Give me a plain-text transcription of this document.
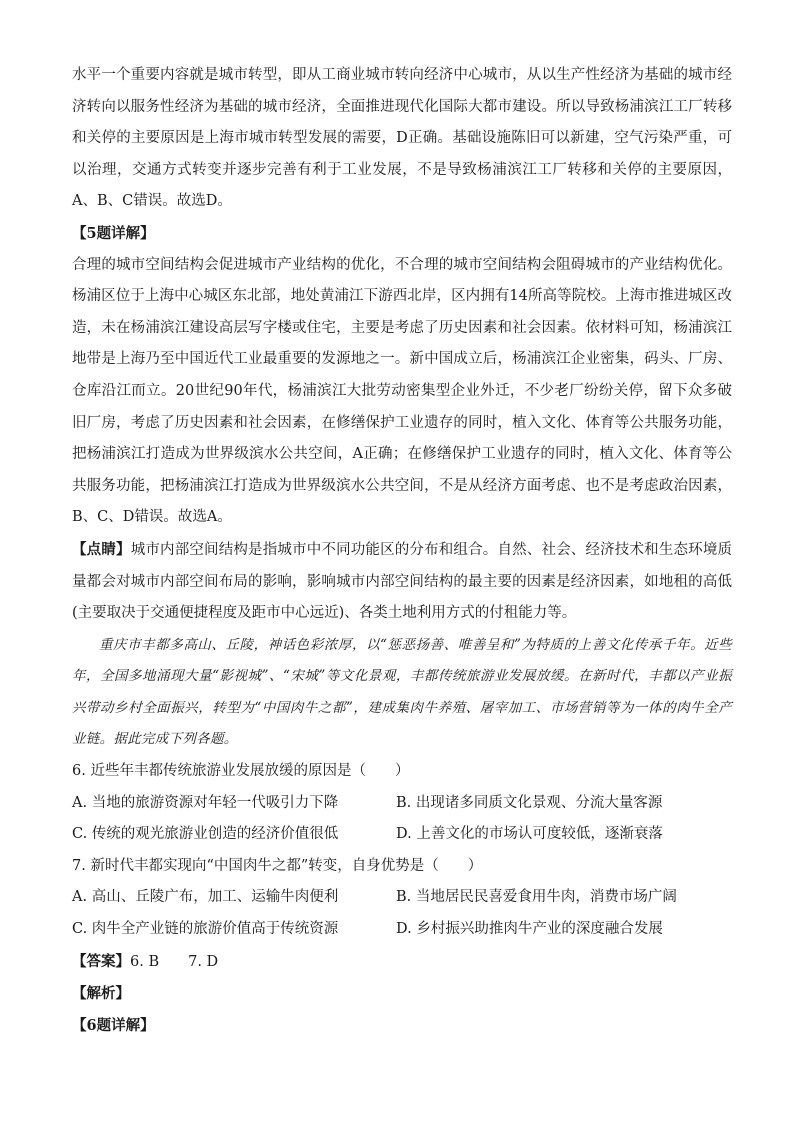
水平一个重要内容就是城市转型，即从工商业城市转向经济中心城市，从以生产性经济为基础的城市经济转向以服务性经济为基础的城市经济，全面推进现代化国际大都市建设。所以导致杨浦滨江工厂转移和关停的主要原因是上海市城市转型发展的需要，D正确。基础设施陈旧可以新建，空气污染严重，可以治理，交通方式转变并逐步完善有利于工业发展，不是导致杨浦滨江工厂转移和关停的主要原因，A、B、C错误。故选D。

【5题详解】

合理的城市空间结构会促进城市产业结构的优化，不合理的城市空间结构会阻碍城市的产业结构优化。杨浦区位于上海中心城区东北部，地处黄浦江下游西北岸，区内拥有14所高等院校。上海市推进城区改造，未在杨浦滨江建设高层写字楼或住宅，主要是考虑了历史因素和社会因素。依材料可知，杨浦滨江地带是上海乃至中国近代工业最重要的发源地之一。新中国成立后，杨浦滨江企业密集，码头、厂房、仓库沿江而立。20世纪90年代，杨浦滨江大批劳动密集型企业外迁，不少老厂纷纷关停，留下众多破旧厂房，考虑了历史因素和社会因素，在修缮保护工业遗存的同时，植入文化、体育等公共服务功能，把杨浦滨江打造成为世界级滨水公共空间，A正确；在修缮保护工业遗存的同时，植入文化、体育等公共服务功能，把杨浦滨江打造成为世界级滨水公共空间，不是从经济方面考虑、也不是考虑政治因素，B、C、D错误。故选A。

【点睛】城市内部空间结构是指城市中不同功能区的分布和组合。自然、社会、经济技术和生态环境质量都会对城市内部空间布局的影响，影响城市内部空间结构的最主要的因素是经济因素，如地租的高低(主要取决于交通便捷程度及距市中心远近)、各类土地利用方式的付租能力等。

重庆市丰都多高山、丘陵，神话色彩浓厚，以“惩恶扬善、唯善呈和”为特质的上善文化传承千年。近些年，全国多地涌现大量“影视城”、“宋城”等文化景观，丰都传统旅游业发展放缓。在新时代，丰都以产业振兴带动乡村全面振兴，转型为“中国肉牛之都”，建成集肉牛养殖、屠宰加工、市场营销等为一体的肉牛全产业链。据此完成下列各题。

6. 近些年丰都传统旅游业发展放缓的原因是（　　）

A. 当地的旅游资源对年轻一代吸引力下降	B. 出现诸多同质文化景观、分流大量客源
C. 传统的观光旅游业创造的经济价值很低	D. 上善文化的市场认可度较低，逐渐衰落

7. 新时代丰都实现向“中国肉牛之都”转变，自身优势是（　　）

A. 高山、丘陵广布，加工、运输牛肉便利	B. 当地居民民喜爱食用牛肉，消费市场广阔
C. 肉牛全产业链的旅游价值高于传统资源	D. 乡村振兴助推肉牛产业的深度融合发展

【答案】6. B　　7. D

【解析】

【6题详解】
